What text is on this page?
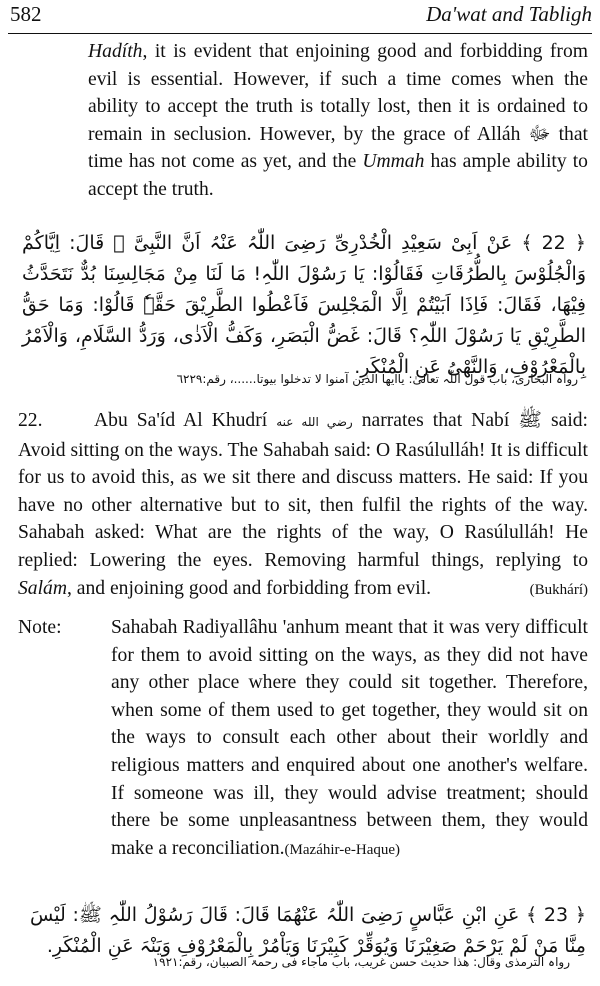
582	Da'wat and Tabligh

Hadíth, it is evident that enjoining good and forbidding from evil is essential. However, if such a time comes when the ability to accept the truth is totally lost, then it is ordained to remain in seclusion. However, by the grace of Alláh ﷻ that time has not come as yet, and the Ummah has ample ability to accept the truth.

﴿ 22 ﴾ عَنْ اَبِیْ سَعِیْدِ الْخُدْرِیِّ رَضِیَ اللّٰہُ عَنْہُ اَنَّ النَّبِیَّ ﷺ قَالَ: اِیَّاکُمْ وَالْجُلُوْسَ بِالطُّرُقَاتِ فَقَالُوْا: یَا رَسُوْلَ اللّٰہِ! مَا لَنَا مِنْ مَجَالِسِنَا بُدٌّ نَتَحَدَّثُ فِیْھَا، فَقَالَ: فَاِذَا اَبَیْتُمْ اِلَّا الْمَجْلِسَ فَاَعْطُوا الطَّرِیْقَ حَقَّہٗ قَالُوْا: وَمَا حَقُّ الطَّرِیْقِ یَا رَسُوْلَ اللّٰہِ؟ قَالَ: غَضُّ الْبَصَرِ، وَکَفُّ الْاَذٰی، وَرَدُّ السَّلَامِ، وَالْاَمْرُ بِالْمَعْرُوْفِ، وَالنَّھْیُ عَنِ الْمُنْکَرِ.

رواہ البخاری، باب قول اللّٰہ تعالیٰ: یاایھا الذین آمنوا لا تدخلوا بیوتا......، رقم:٦٢٢٩

22.	Abu Sa'íd Al Khudrí رضي الله عنه narrates that Nabí ﷺ said: Avoid sitting on the ways. The Sahabah said: O Rasúlulláh! It is difficult for us to avoid this, as we sit there and discuss matters. He said: If you have no other alternative but to sit, then fulfil the rights of the way. Sahabah asked: What are the rights of the way, O Rasúlulláh! He replied: Lowering the eyes. Removing harmful things, replying to Salám, and enjoining good and forbidding from evil.	(Bukhárí)

Note:	Sahabah Radiyallâhu 'anhum meant that it was very difficult for them to avoid sitting on the ways, as they did not have any other place where they could sit together. Therefore, when some of them used to get together, they would sit on the ways to consult each other about their worldly and religious matters and enquired about one another's welfare. If someone was ill, they would advise treatment; should there be some unpleasantness between them, they would make a reconciliation.(Mazáhir-e-Haque)

﴿ 23 ﴾ عَنِ ابْنِ عَبَّاسٍ رَضِیَ اللّٰہُ عَنْھُمَا قَالَ: قَالَ رَسُوْلُ اللّٰہِ ﷺ: لَیْسَ مِنَّا مَنْ لَمْ یَرْحَمْ صَغِیْرَنَا وَیُوَقِّرْ کَبِیْرَنَا وَیَاْمُرْ بِالْمَعْرُوْفِ وَیَنْہَ عَنِ الْمُنْکَرِ.

رواہ الترمذی وقال: ھذا حدیث حسن غریب، باب ماجاء فی رحمۃ الصبیان، رقم:١٩٢١
